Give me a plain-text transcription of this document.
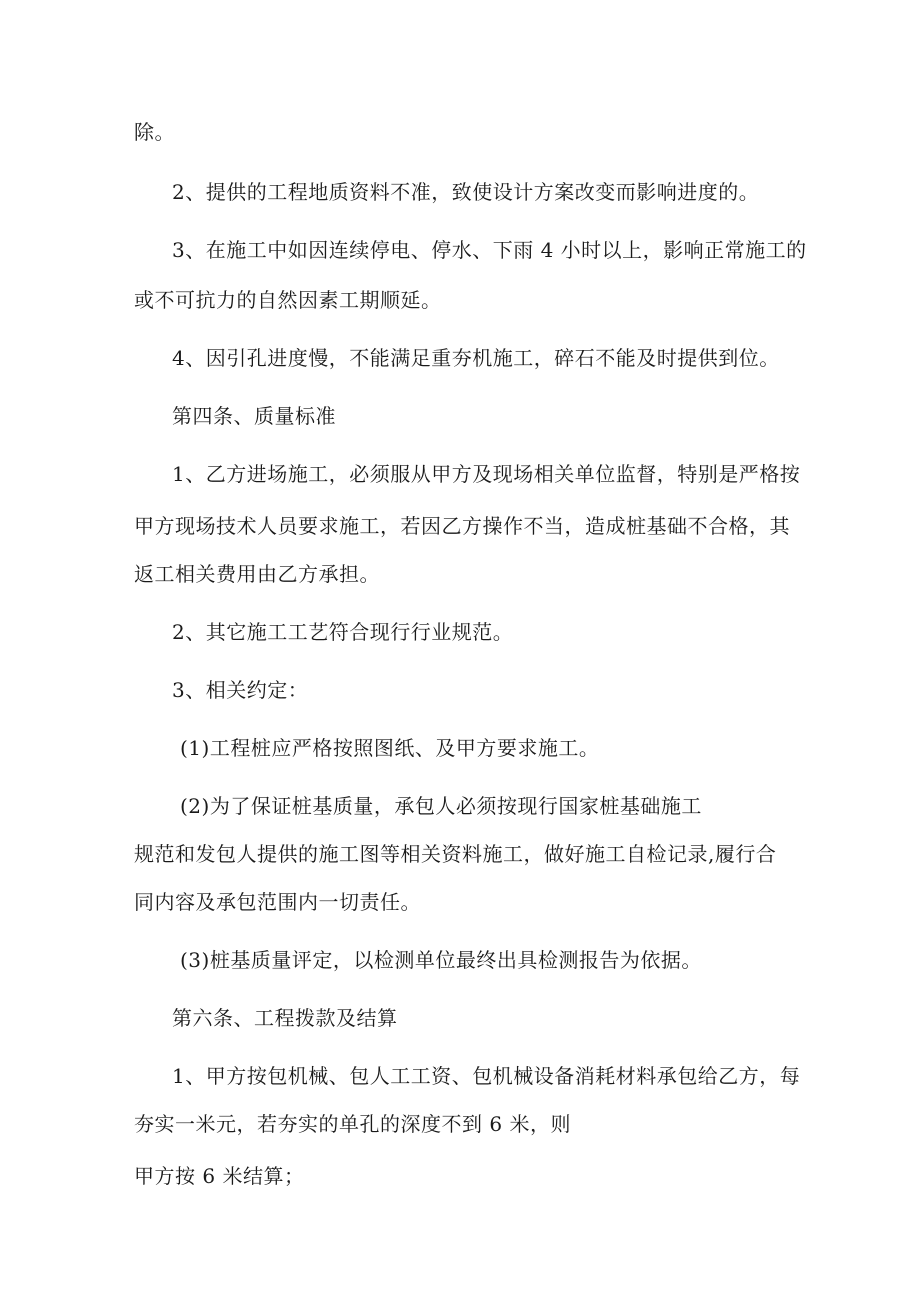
除。
2、提供的工程地质资料不准，致使设计方案改变而影响进度的。
3、在施工中如因连续停电、停水、下雨 4 小时以上，影响正常施工的
或不可抗力的自然因素工期顺延。
4、因引孔进度慢，不能满足重夯机施工，碎石不能及时提供到位。
第四条、质量标准
1、乙方进场施工，必须服从甲方及现场相关单位监督，特别是严格按
甲方现场技术人员要求施工，若因乙方操作不当，造成桩基础不合格，其
返工相关费用由乙方承担。
2、其它施工工艺符合现行行业规范。
3、相关约定：
(1)工程桩应严格按照图纸、及甲方要求施工。
(2)为了保证桩基质量，承包人必须按现行国家桩基础施工
规范和发包人提供的施工图等相关资料施工，做好施工自检记录,履行合
同内容及承包范围内一切责任。
(3)桩基质量评定，以检测单位最终出具检测报告为依据。
第六条、工程拨款及结算
1、甲方按包机械、包人工工资、包机械设备消耗材料承包给乙方，每
夯实一米元，若夯实的单孔的深度不到 6 米，则
甲方按 6 米结算；
